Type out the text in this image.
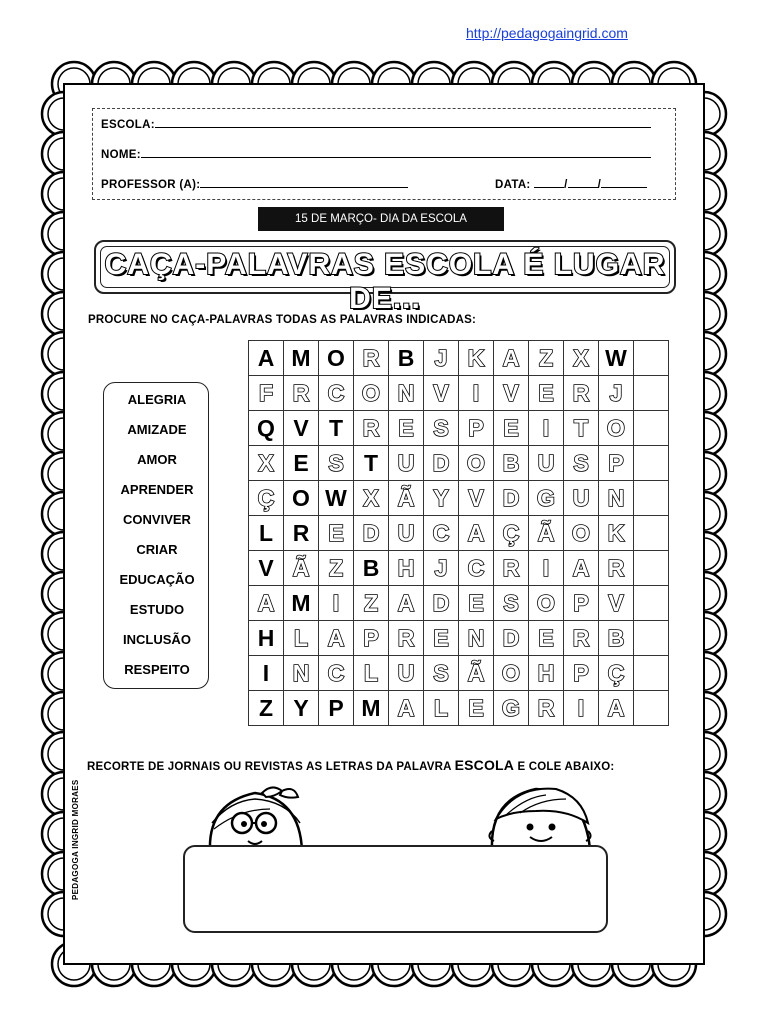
http://pedagogaingrid.com
ESCOLA:
NOME:
PROFESSOR (A):	DATA:	/	/
15 DE MARÇO- DIA DA ESCOLA
CAÇA-PALAVRAS ESCOLA É LUGAR DE...
PROCURE NO CAÇA-PALAVRAS TODAS AS PALAVRAS INDICADAS:
ALEGRIA
AMIZADE
AMOR
APRENDER
CONVIVER
CRIAR
EDUCAÇÃO
ESTUDO
INCLUSÃO
RESPEITO
A M O R B J K A Z X W
F R C O N V	I	V E R J
Q V T R E S P E	I	T O
X E S T U D O B U S P
Ç O W X Ã Y V D G U N
L R E D U C A Ç Ã O K
V Ã Z B H J C R	I	A R
A M I	Z A D E S O P V
H L A P R E N D E R B
I	N C L U S Ã O H P Ç
Z Y P M A L E G R	I	A
RECORTE DE JORNAIS OU REVISTAS AS LETRAS DA PALAVRA ESCOLA E COLE ABAIXO:
PEDAGOGA INGRID MORAES
